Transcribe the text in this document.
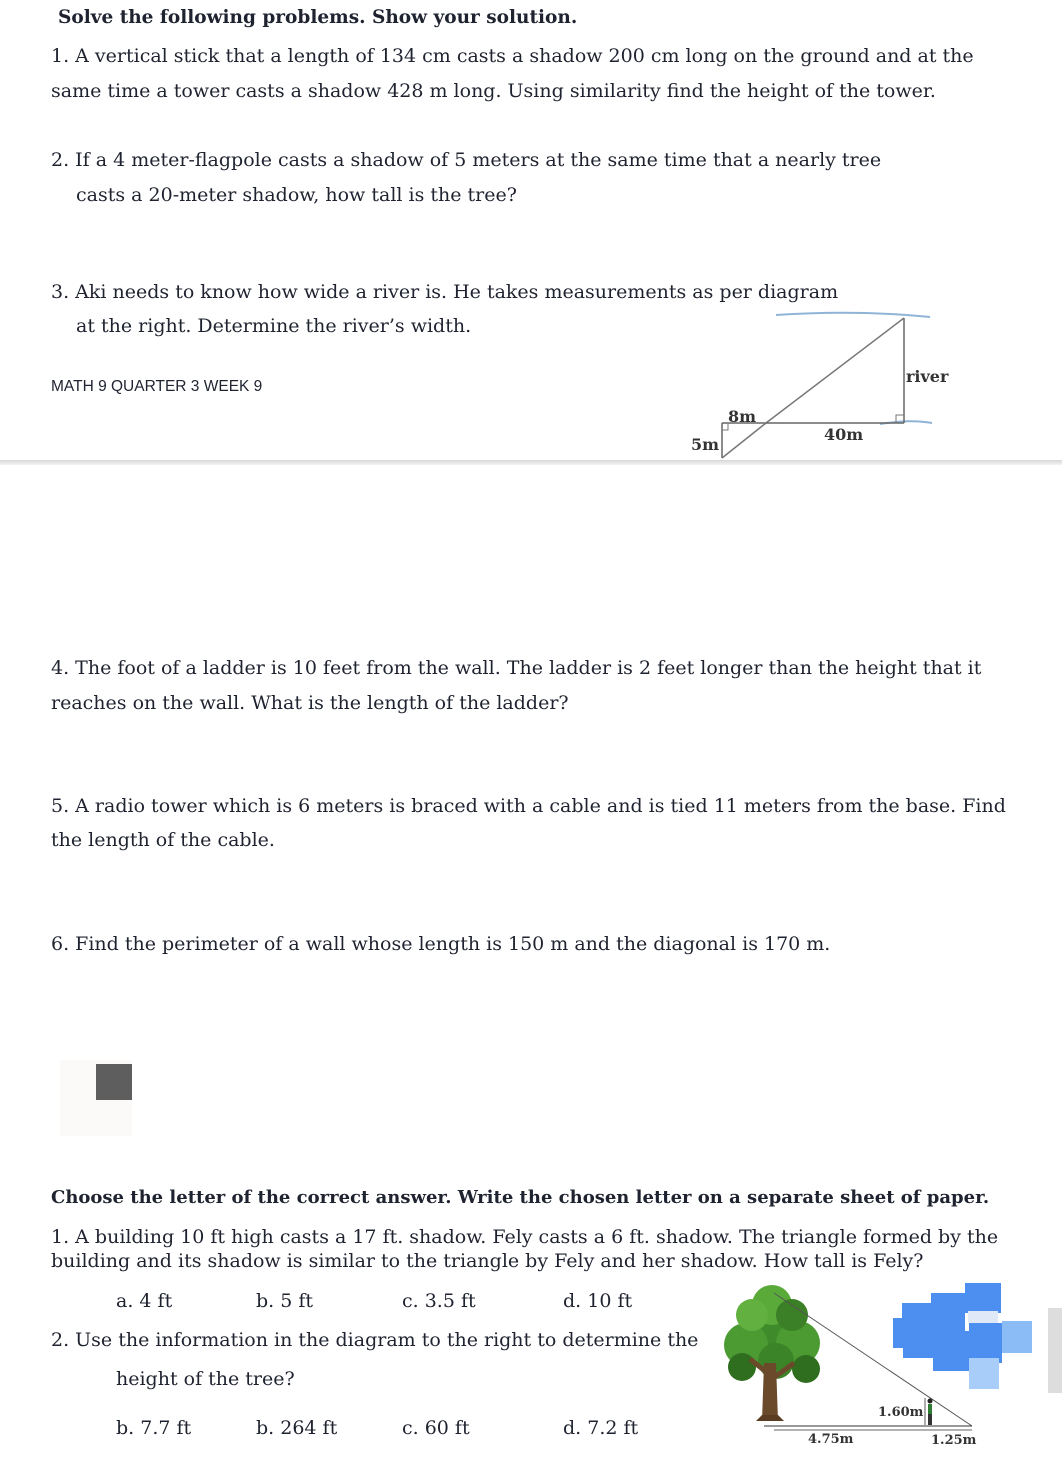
Solve the following problems. Show your solution.
1. A vertical stick that a length of 134 cm casts a shadow 200 cm long on the ground and at the
same time a tower casts a shadow 428 m long. Using similarity find the height of the tower.
2. If a 4 meter-flagpole casts a shadow of 5 meters at the same time that a nearly tree
casts a 20-meter shadow, how tall is the tree?
3. Aki needs to know how wide a river is. He takes measurements as per diagram
at the right. Determine the river’s width.
MATH 9 QUARTER 3 WEEK 9
river
8m
40m
5m
4. The foot of a ladder is 10 feet from the wall. The ladder is 2 feet longer than the height that it
reaches on the wall. What is the length of the ladder?
5. A radio tower which is 6 meters is braced with a cable and is tied 11 meters from the base. Find
the length of the cable.
6. Find the perimeter of a wall whose length is 150 m and the diagonal is 170 m.
Choose the letter of the correct answer. Write the chosen letter on a separate sheet of paper.
1. A building 10 ft high casts a 17 ft. shadow. Fely casts a 6 ft. shadow. The triangle formed by the
building and its shadow is similar to the triangle by Fely and her shadow. How tall is Fely?
a. 4 ft	b. 5 ft	c. 3.5 ft	d. 10 ft
2. Use the information in the diagram to the right to determine the
height of the tree?
b. 7.7 ft	b. 264 ft	c. 60 ft	d. 7.2 ft
1.60m
4.75m	1.25m
